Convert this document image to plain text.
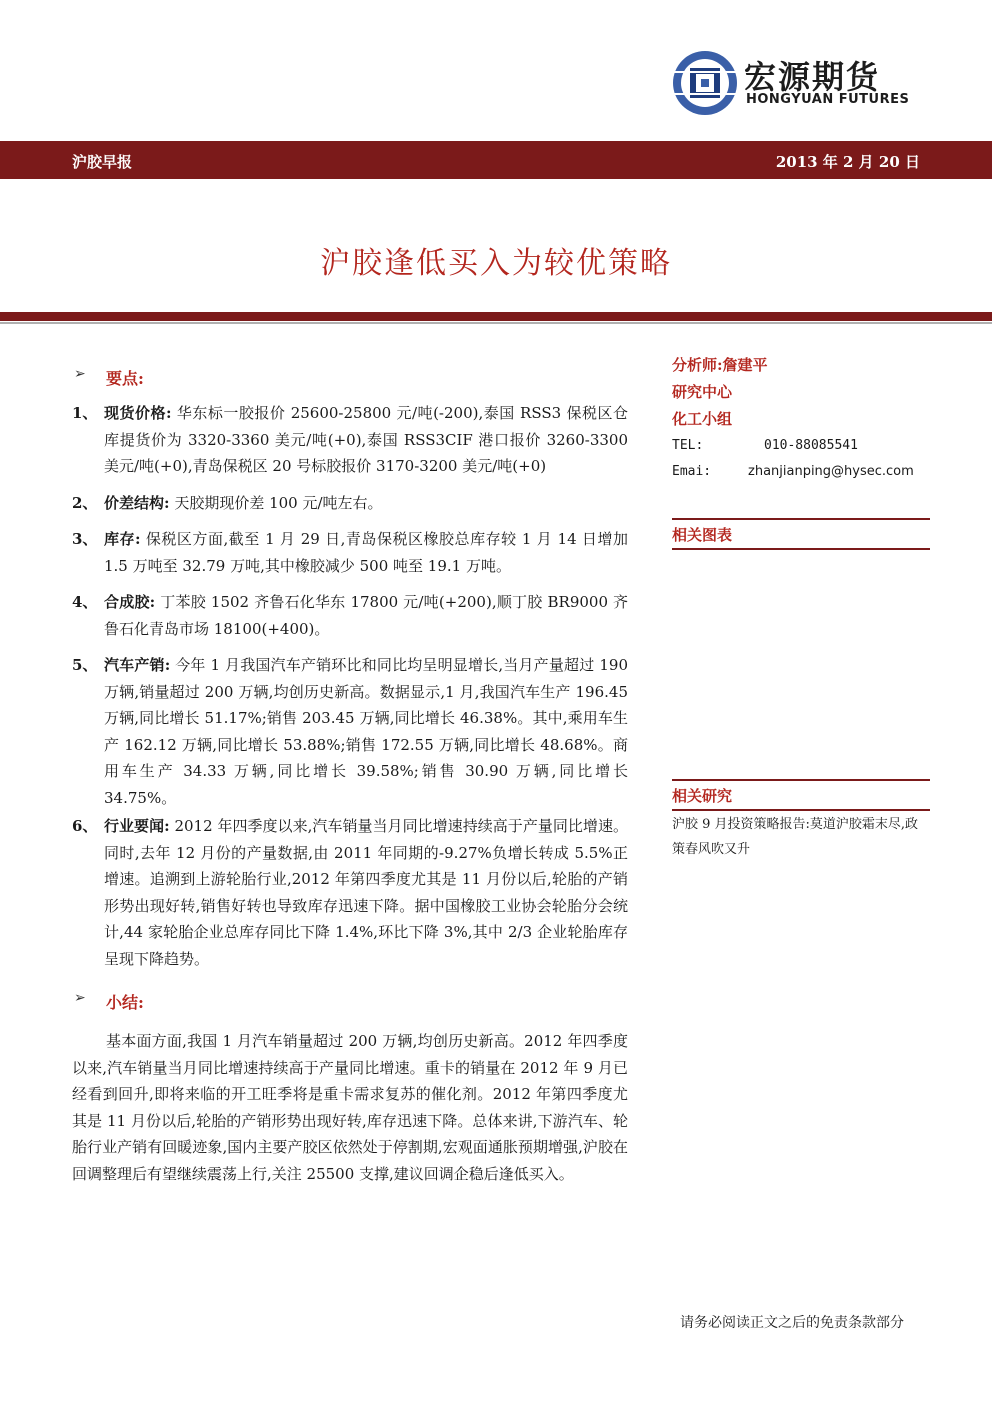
宏源期货
HONGYUAN FUTURES
沪胶早报	2013 年 2 月 20 日
沪胶逢低买入为较优策略
➢ 要点:
1、 现货价格: 华东标一胶报价 25600-25800 元/吨(-200),泰国 RSS3 保税区仓库提货价为 3320-3360 美元/吨(+0),泰国 RSS3CIF 港口报价 3260-3300 美元/吨(+0),青岛保税区 20 号标胶报价 3170-3200 美元/吨(+0)
2、 价差结构: 天胶期现价差 100 元/吨左右。
3、 库存: 保税区方面,截至 1 月 29 日,青岛保税区橡胶总库存较 1 月 14 日增加 1.5 万吨至 32.79 万吨,其中橡胶减少 500 吨至 19.1 万吨。
4、 合成胶: 丁苯胶 1502 齐鲁石化华东 17800 元/吨(+200),顺丁胶 BR9000 齐鲁石化青岛市场 18100(+400)。
5、 汽车产销: 今年 1 月我国汽车产销环比和同比均呈明显增长,当月产量超过 190 万辆,销量超过 200 万辆,均创历史新高。数据显示,1 月,我国汽车生产 196.45 万辆,同比增长 51.17%;销售 203.45 万辆,同比增长 46.38%。其中,乘用车生产 162.12 万辆,同比增长 53.88%;销售 172.55 万辆,同比增长 48.68%。商用车生产 34.33 万辆,同比增长 39.58%;销售 30.90 万辆,同比增长 34.75%。
6、 行业要闻: 2012 年四季度以来,汽车销量当月同比增速持续高于产量同比增速。同时,去年 12 月份的产量数据,由 2011 年同期的-9.27%负增长转成 5.5%正增速。追溯到上游轮胎行业,2012 年第四季度尤其是 11 月份以后,轮胎的产销形势出现好转,销售好转也导致库存迅速下降。据中国橡胶工业协会轮胎分会统计,44 家轮胎企业总库存同比下降 1.4%,环比下降 3%,其中 2/3 企业轮胎库存呈现下降趋势。
➢ 小结:
基本面方面,我国 1 月汽车销量超过 200 万辆,均创历史新高。2012 年四季度以来,汽车销量当月同比增速持续高于产量同比增速。重卡的销量在 2012 年 9 月已经看到回升,即将来临的开工旺季将是重卡需求复苏的催化剂。2012 年第四季度尤其是 11 月份以后,轮胎的产销形势出现好转,库存迅速下降。总体来讲,下游汽车、轮胎行业产销有回暖迹象,国内主要产胶区依然处于停割期,宏观面通胀预期增强,沪胶在回调整理后有望继续震荡上行,关注 25500 支撑,建议回调企稳后逢低买入。
分析师:詹建平
研究中心
化工小组
TEL:	010-88085541
Emai:	zhanjianping@hysec.com
相关图表
相关研究
沪胶 9 月投资策略报告:莫道沪胶霜末尽,政策春风吹又升
请务必阅读正文之后的免责条款部分
